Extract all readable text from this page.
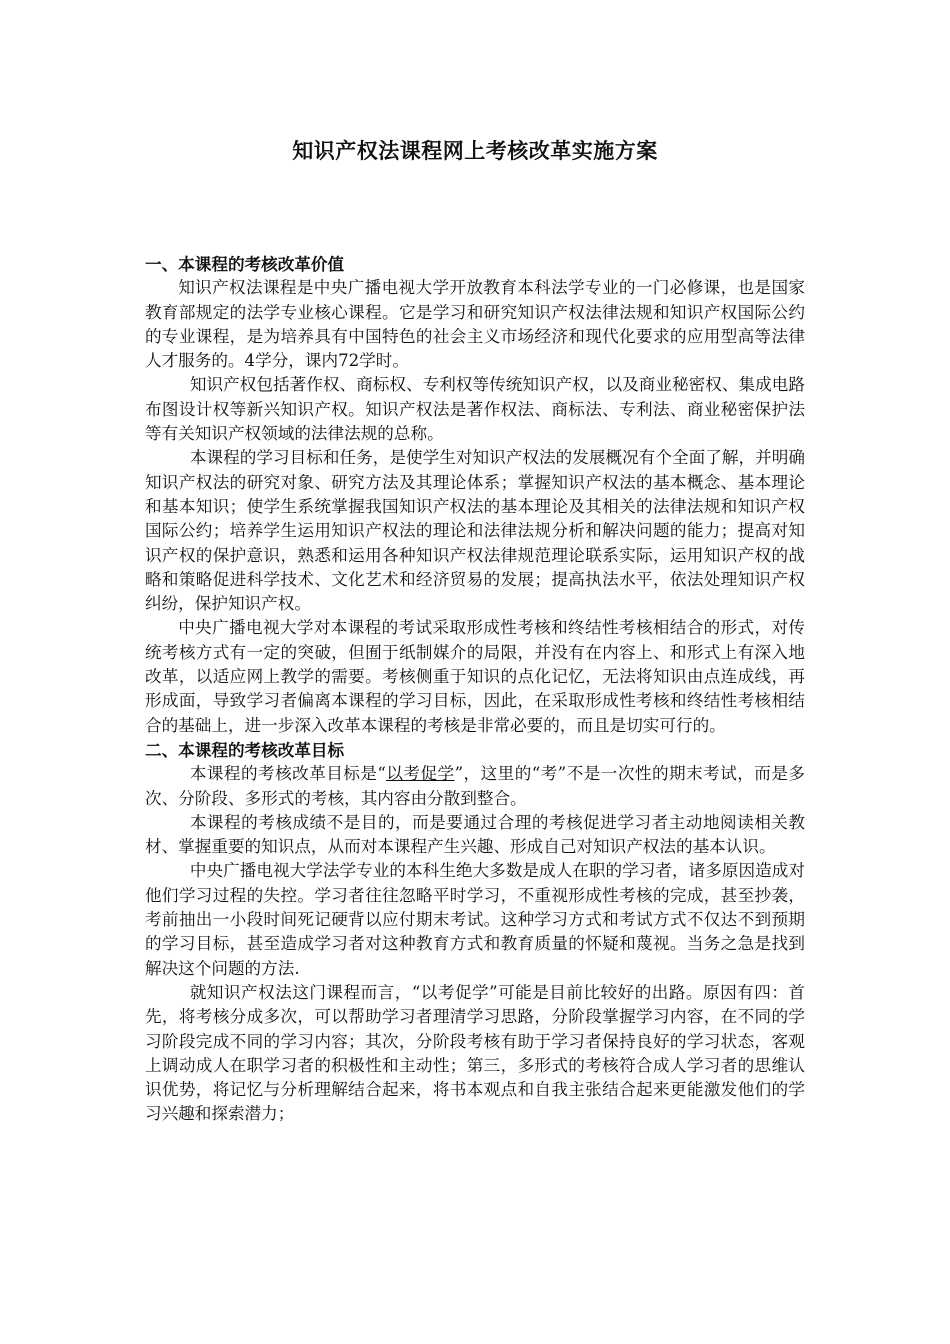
知识产权法课程网上考核改革实施方案

一、本课程的考核改革价值

知识产权法课程是中央广播电视大学开放教育本科法学专业的一门必修课，也是国家教育部规定的法学专业核心课程。它是学习和研究知识产权法律法规和知识产权国际公约的专业课程，是为培养具有中国特色的社会主义市场经济和现代化要求的应用型高等法律人才服务的。4学分，课内72学时。

知识产权包括著作权、商标权、专利权等传统知识产权，以及商业秘密权、集成电路布图设计权等新兴知识产权。知识产权法是著作权法、商标法、专利法、商业秘密保护法等有关知识产权领域的法律法规的总称。

本课程的学习目标和任务，是使学生对知识产权法的发展概况有个全面了解，并明确知识产权法的研究对象、研究方法及其理论体系；掌握知识产权法的基本概念、基本理论和基本知识；使学生系统掌握我国知识产权法的基本理论及其相关的法律法规和知识产权国际公约；培养学生运用知识产权法的理论和法律法规分析和解决问题的能力；提高对知识产权的保护意识，熟悉和运用各种知识产权法律规范理论联系实际，运用知识产权的战略和策略促进科学技术、文化艺术和经济贸易的发展；提高执法水平，依法处理知识产权纠纷，保护知识产权。

中央广播电视大学对本课程的考试采取形成性考核和终结性考核相结合的形式，对传统考核方式有一定的突破，但囿于纸制媒介的局限，并没有在内容上、和形式上有深入地改革，以适应网上教学的需要。考核侧重于知识的点化记忆，无法将知识由点连成线，再形成面，导致学习者偏离本课程的学习目标，因此，在采取形成性考核和终结性考核相结合的基础上，进一步深入改革本课程的考核是非常必要的，而且是切实可行的。

二、本课程的考核改革目标

本课程的考核改革目标是“以考促学”，这里的“考”不是一次性的期末考试，而是多次、分阶段、多形式的考核，其内容由分散到整合。

本课程的考核成绩不是目的，而是要通过合理的考核促进学习者主动地阅读相关教材、掌握重要的知识点，从而对本课程产生兴趣、形成自己对知识产权法的基本认识。

中央广播电视大学法学专业的本科生绝大多数是成人在职的学习者，诸多原因造成对他们学习过程的失控。学习者往往忽略平时学习，不重视形成性考核的完成，甚至抄袭，考前抽出一小段时间死记硬背以应付期末考试。这种学习方式和考试方式不仅达不到预期的学习目标，甚至造成学习者对这种教育方式和教育质量的怀疑和蔑视。当务之急是找到解决这个问题的方法.

就知识产权法这门课程而言，“以考促学”可能是目前比较好的出路。原因有四：首先，将考核分成多次，可以帮助学习者理清学习思路，分阶段掌握学习内容，在不同的学习阶段完成不同的学习内容；其次，分阶段考核有助于学习者保持良好的学习状态，客观上调动成人在职学习者的积极性和主动性；第三，多形式的考核符合成人学习者的思维认识优势，将记忆与分析理解结合起来，将书本观点和自我主张结合起来更能激发他们的学习兴趣和探索潜力；
